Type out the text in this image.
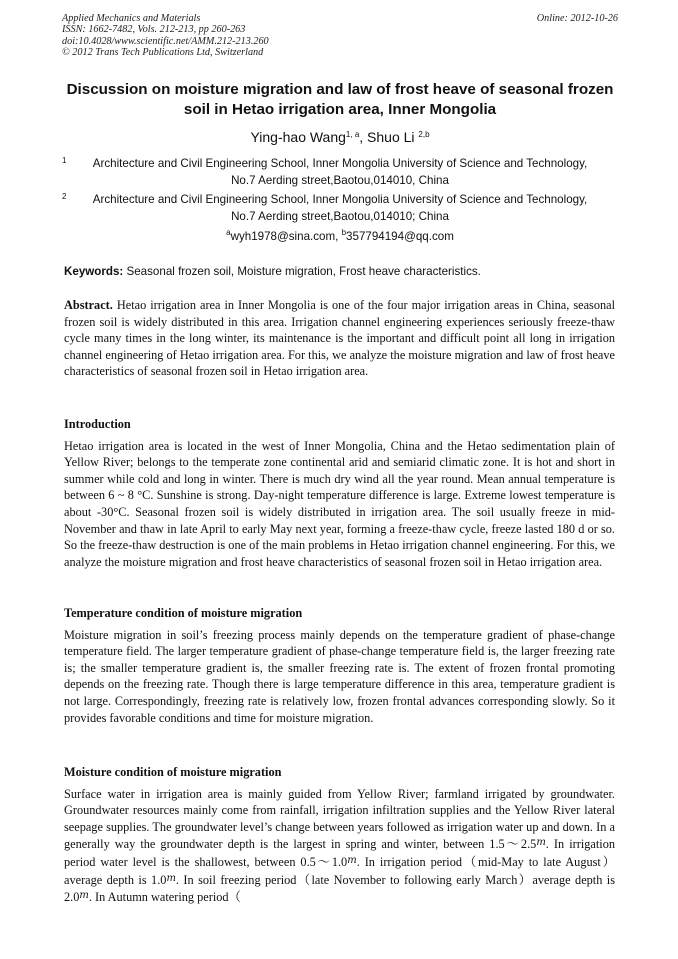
Applied Mechanics and Materials
ISSN: 1662-7482, Vols. 212-213, pp 260-263
doi:10.4028/www.scientific.net/AMM.212-213.260
© 2012 Trans Tech Publications Ltd, Switzerland
Online: 2012-10-26
Discussion on moisture migration and law of frost heave of seasonal frozen soil in Hetao irrigation area, Inner Mongolia
Ying-hao Wang$^{1, a}$, Shuo Li $^{2,b}$
1	Architecture and Civil Engineering School, Inner Mongolia University of Science and Technology,
No.7 Aerding street,Baotou,014010, China
2	Architecture and Civil Engineering School, Inner Mongolia University of Science and Technology,
No.7 Aerding street,Baotou,014010; China
$^a$wyh1978@sina.com, $^b$357794194@qq.com
Keywords: Seasonal frozen soil, Moisture migration, Frost heave characteristics.

Abstract. Hetao irrigation area in Inner Mongolia is one of the four major irrigation areas in China, seasonal frozen soil is widely distributed in this area. Irrigation channel engineering experiences seriously freeze-thaw cycle many times in the long winter, its maintenance is the important and difficult point all long in irrigation channel engineering of Hetao irrigation area. For this, we analyze the moisture migration and law of frost heave characteristics of seasonal frozen soil in Hetao irrigation area.

Introduction

Hetao irrigation area is located in the west of Inner Mongolia, China and the Hetao sedimentation plain of Yellow River; belongs to the temperate zone continental arid and semiarid climatic zone. It is hot and short in summer while cold and long in winter. There is much dry wind all the year round. Mean annual temperature is between 6 ~ 8 °C. Sunshine is strong. Day-night temperature difference is large. Extreme lowest temperature is about -30°C. Seasonal frozen soil is widely distributed in irrigation area. The soil usually freeze in mid-November and thaw in late April to early May next year, forming a freeze-thaw cycle, freeze lasted 180 d or so. So the freeze-thaw destruction is one of the main problems in Hetao irrigation channel engineering. For this, we analyze the moisture migration and frost heave characteristics of seasonal frozen soil in Hetao irrigation area.

Temperature condition of moisture migration

Moisture migration in soil’s freezing process mainly depends on the temperature gradient of phase-change temperature field. The larger temperature gradient of phase-change temperature field is, the larger freezing rate is; the smaller temperature gradient is, the smaller freezing rate is. The extent of frozen frontal promoting depends on the freezing rate. Though there is large temperature difference in this area, temperature gradient is not large. Correspondingly, freezing rate is relatively low, frozen frontal advances corresponding slowly. So it provides favorable conditions and time for moisture migration.

Moisture condition of moisture migration

Surface water in irrigation area is mainly guided from Yellow River; farmland irrigated by groundwater. Groundwater resources mainly come from rainfall, irrigation infiltration supplies and the Yellow River lateral seepage supplies. The groundwater level’s change between years followed as irrigation water up and down. In a generally way the groundwater depth is the largest in spring and winter, between 1.5～2.5$^m$. In irrigation period water level is the shallowest, between 0.5～1.0$^m$. In irrigation period（mid-May to late August）average depth is 1.0$^m$. In soil freezing period（late November to following early March）average depth is 2.0$^m$. In Autumn watering period（
